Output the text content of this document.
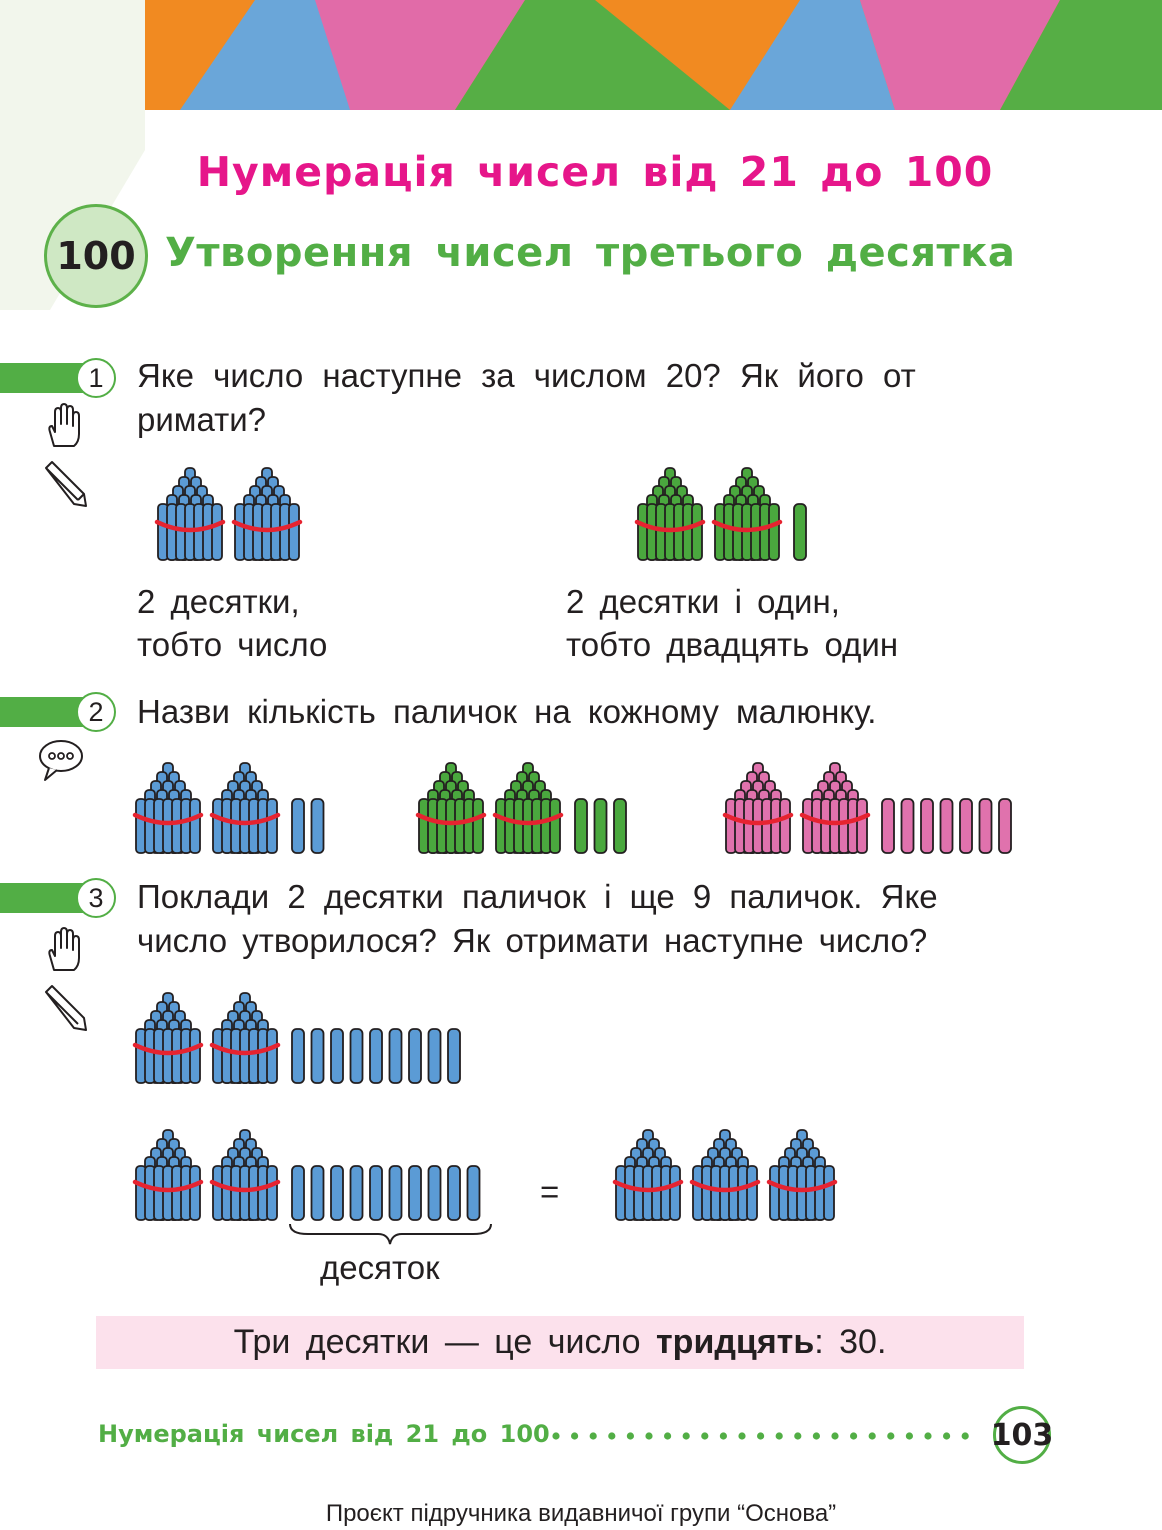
Нумерація чисел від 21 до 100
100 Утворення чисел третього десятка
1	Яке число наступне за числом 20? Як його от
римати?
2 десятки,
тобто число
2 десятки і один,
тобто двадцять один
2	Назви кількість паличок на кожному малюнку.
3	Поклади 2 десятки паличок і ще 9 паличок. Яке
число утворилося? Як отримати наступне число?
десяток
=
Три десятки — це число тридцять : 30.
Нумерація чисел від 21 до 100	103
Проєкт підручника видавничої групи “Основа”
